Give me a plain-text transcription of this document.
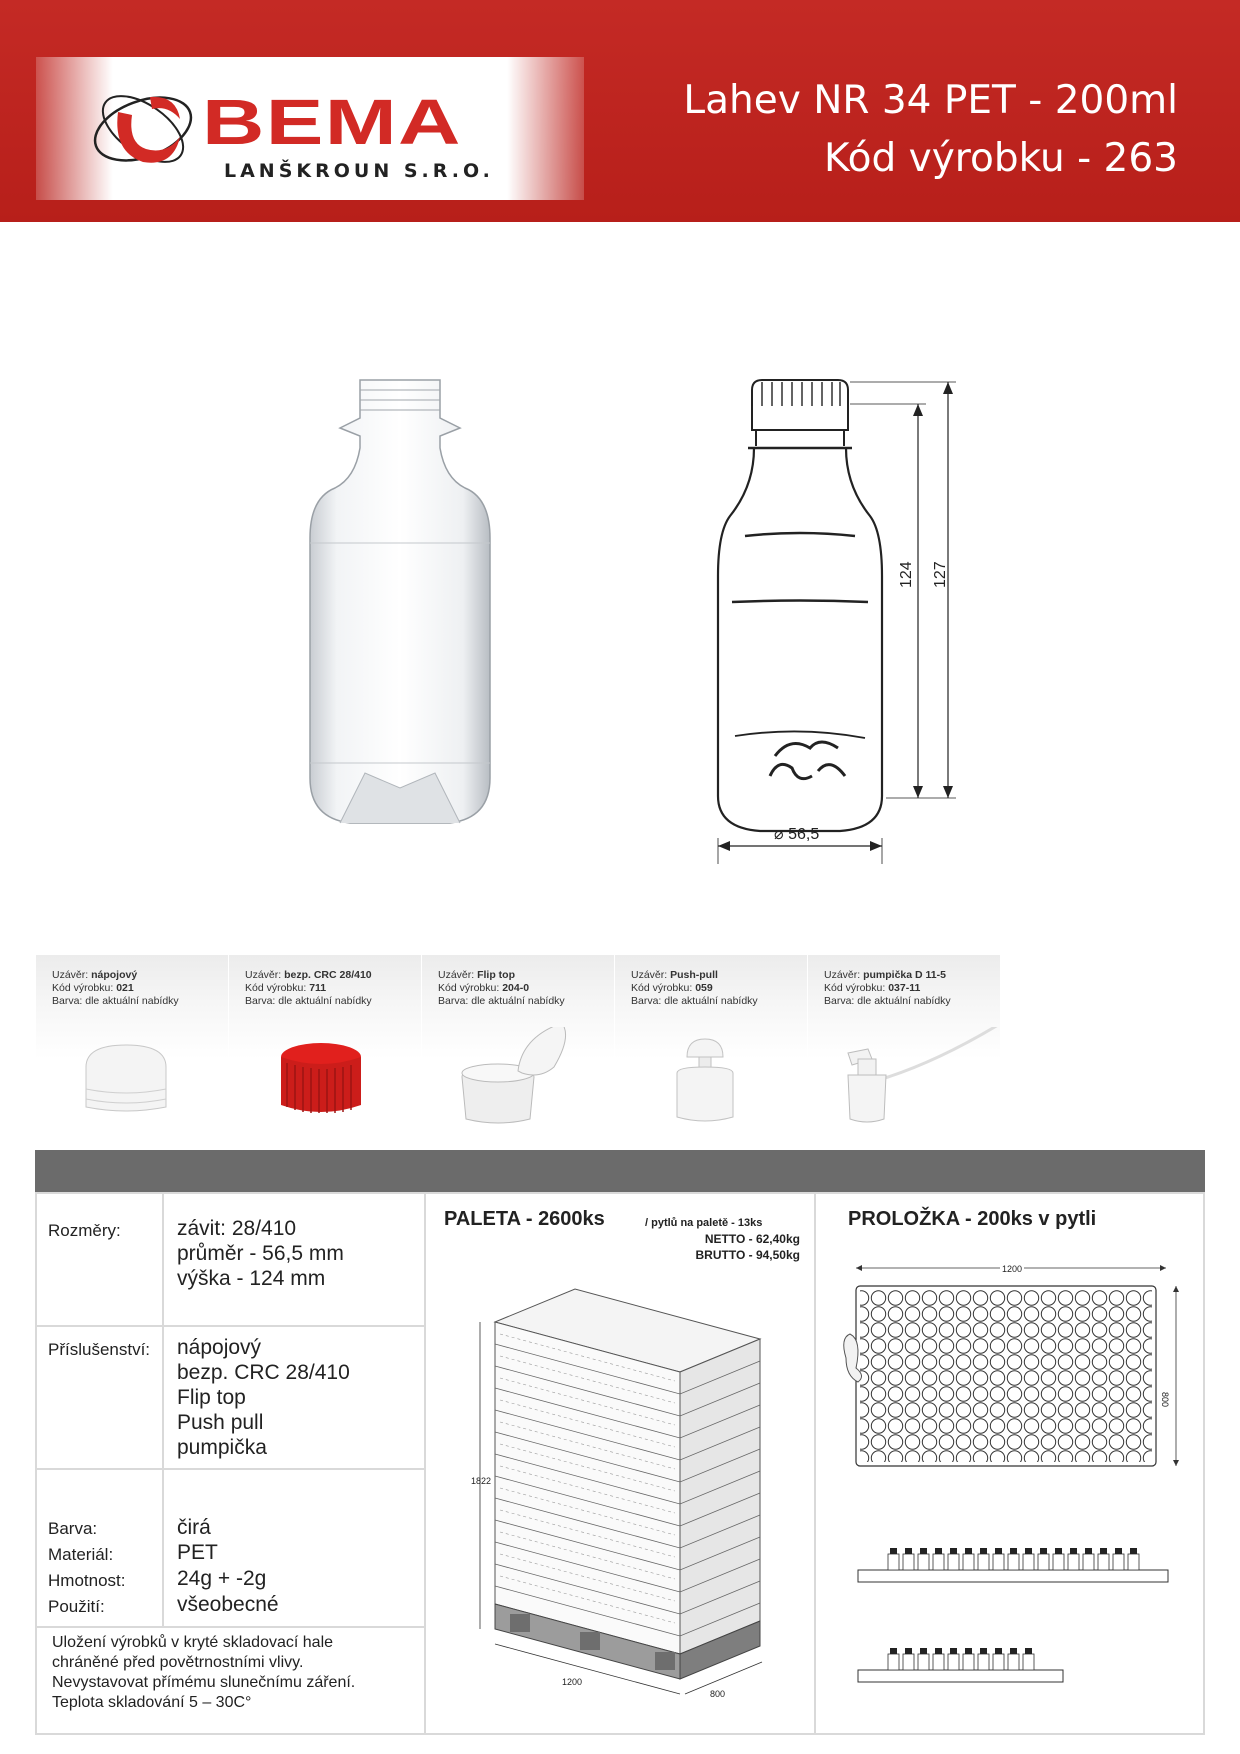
BEMA
LANŠKROUN S.R.O.
Lahev NR 34 PET - 200ml
Kód výrobku - 263
⌀ 56,5
124 127
Uzávěr: nápojový
Kód výrobku: 021
Barva: dle aktuální nabídky
Uzávěr: bezp. CRC 28/410
Kód výrobku: 711
Barva: dle aktuální nabídky
Uzávěr: Flip top
Kód výrobku: 204-0
Barva: dle aktuální nabídky
Uzávěr: Push-pull
Kód výrobku: 059
Barva: dle aktuální nabídky
Uzávěr: pumpička D 11-5
Kód výrobku: 037-11
Barva: dle aktuální nabídky
Rozměry:	závit: 28/410
průměr - 56,5 mm
výška - 124 mm
Příslušenství: nápojový
bezp. CRC 28/410
Flip top
Push pull
pumpička
Barva:	čirá
Materiál:	PET
Hmotnost: 24g + -2g
Použití:	všeobecné
Uložení výrobků v kryté skladovací hale
chráněné před povětrnostními vlivy.
Nevystavovat přímému slunečnímu záření.
Teplota skladování 5 – 30C°
PALETA - 2600ks	/ pytlů na paletě - 13ks
NETTO - 62,40kg
BRUTTO - 94,50kg
1822
1200
800
PROLOŽKA - 200ks v pytli
1200
800
